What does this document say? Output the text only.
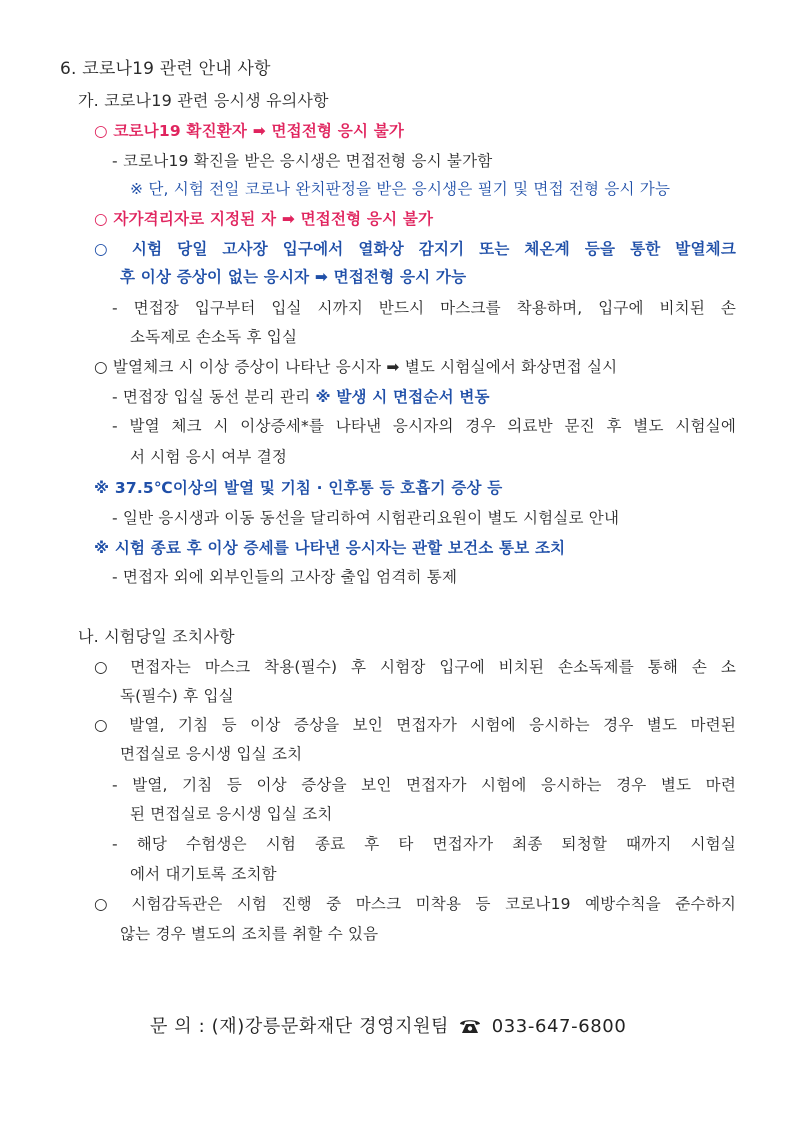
6. 코로나19 관련 안내 사항
가. 코로나19 관련 응시생 유의사항
○ 코로나19 확진환자 ➡ 면접전형 응시 불가
- 코로나19 확진을 받은 응시생은 면접전형 응시 불가함
※ 단, 시험 전일 코로나 완치판정을 받은 응시생은 필기 및 면접 전형 응시 가능
○ 자가격리자로 지정된 자 ➡ 면접전형 응시 불가
○ 시험 당일 고사장 입구에서 열화상 감지기 또는 체온계 등을 통한 발열체크
후 이상 증상이 없는 응시자 ➡ 면접전형 응시 가능
- 면접장 입구부터 입실 시까지 반드시 마스크를 착용하며, 입구에 비치된 손
소독제로 손소독 후 입실
○ 발열체크 시 이상 증상이 나타난 응시자 ➡ 별도 시험실에서 화상면접 실시
- 면접장 입실 동선 분리 관리 ※ 발생 시 면접순서 변동
- 발열 체크 시 이상증세*를 나타낸 응시자의 경우 의료반 문진 후 별도 시험실에
서 시험 응시 여부 결정
※ 37.5℃이상의 발열 및 기침 · 인후통 등 호흡기 증상 등
- 일반 응시생과 이동 동선을 달리하여 시험관리요원이 별도 시험실로 안내
※ 시험 종료 후 이상 증세를 나타낸 응시자는 관할 보건소 통보 조치
- 면접자 외에 외부인들의 고사장 출입 엄격히 통제
나. 시험당일 조치사항
○ 면접자는 마스크 착용(필수) 후 시험장 입구에 비치된 손소독제를 통해 손 소
독(필수) 후 입실
○ 발열, 기침 등 이상 증상을 보인 면접자가 시험에 응시하는 경우 별도 마련된
면접실로 응시생 입실 조치
- 발열, 기침 등 이상 증상을 보인 면접자가 시험에 응시하는 경우 별도 마련
된 면접실로 응시생 입실 조치
- 해당 수험생은 시험 종료 후 타 면접자가 최종 퇴청할 때까지 시험실
에서 대기토록 조치함
○ 시험감독관은 시험 진행 중 마스크 미착용 등 코로나19 예방수칙을 준수하지
않는 경우 별도의 조치를 취할 수 있음
문 의 : (재)강릉문화재단 경영지원팀 033-647-6800
